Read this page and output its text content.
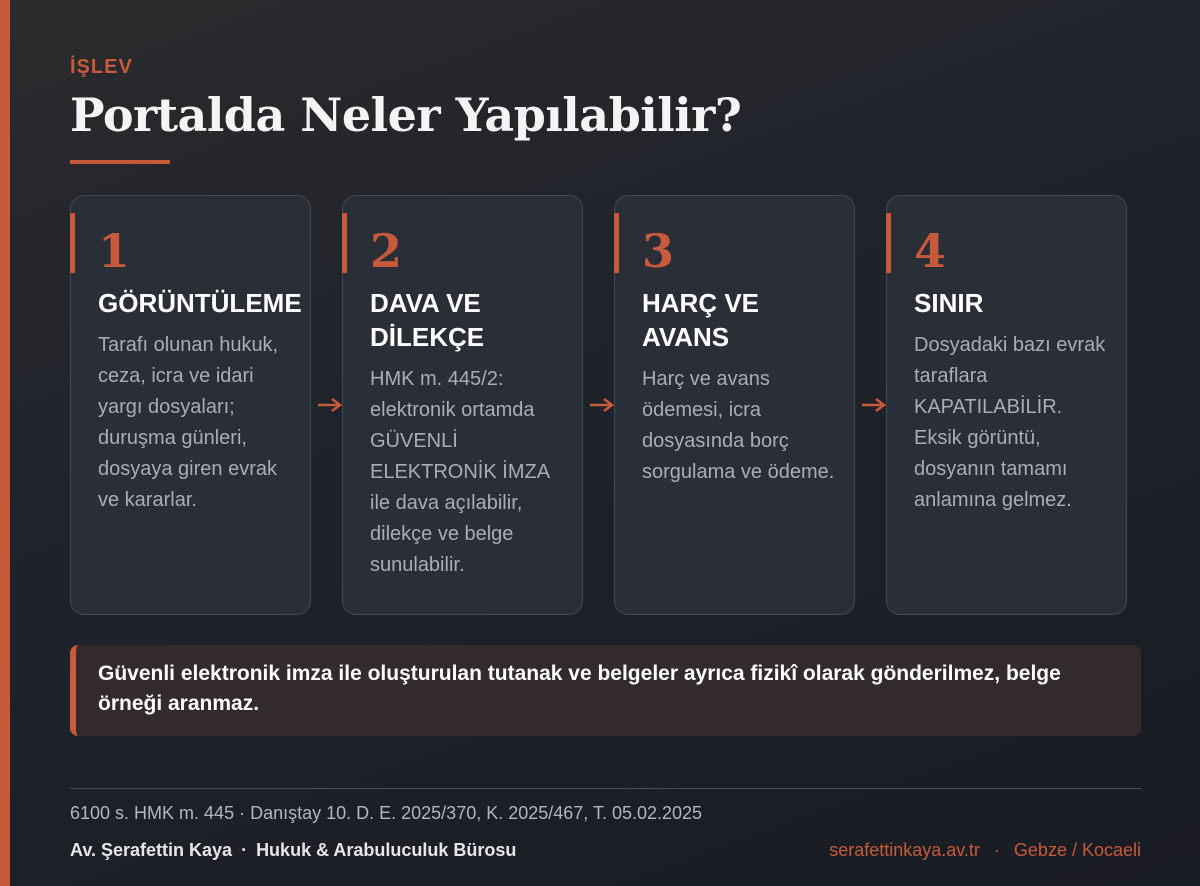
İŞLEV
Portalda Neler Yapılabilir?
1
GÖRÜNTÜLEME
Tarafı olunan hukuk, ceza, icra ve idari yargı dosyaları; duruşma günleri, dosyaya giren evrak ve kararlar.
2
DAVA VE
DİLEKÇE
HMK m. 445/2: elektronik ortamda GÜVENLİ ELEKTRONİK İMZA ile dava açılabilir, dilekçe ve belge sunulabilir.
3
HARÇ VE
AVANS
Harç ve avans ödemesi, icra dosyasında borç sorgulama ve ödeme.
4
SINIR
Dosyadaki bazı evrak taraflara KAPATILABİLİR. Eksik görüntü, dosyanın tamamı anlamına gelmez.
Güvenli elektronik imza ile oluşturulan tutanak ve belgeler ayrıca fizikî olarak gönderilmez, belge örneği aranmaz.
6100 s. HMK m. 445 · Danıştay 10. D. E. 2025/370, K. 2025/467, T. 05.02.2025
Av. Şerafettin Kaya · Hukuk & Arabuluculuk Bürosu	serafettinkaya.av.tr · Gebze / Kocaeli
